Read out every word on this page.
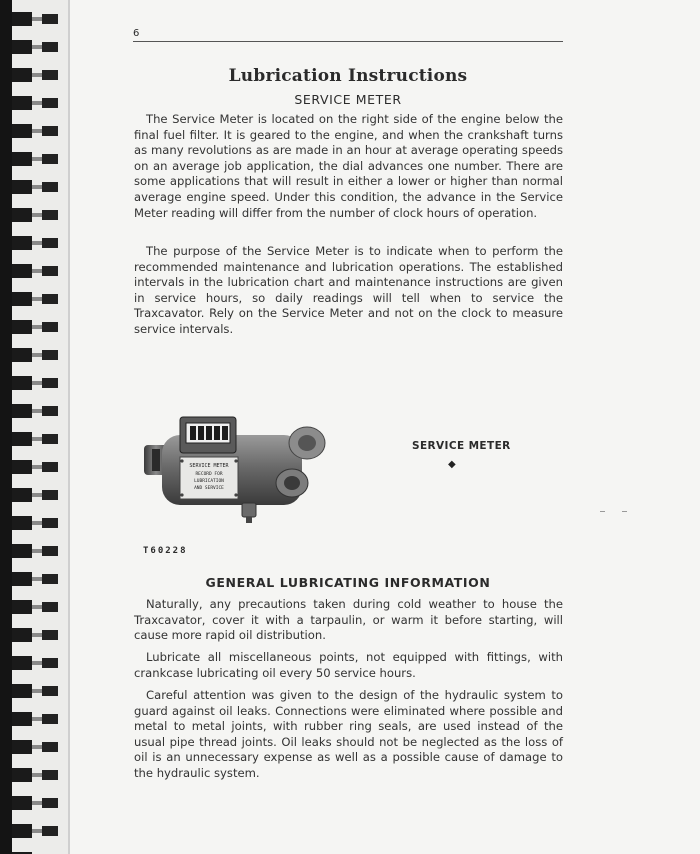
6
Lubrication Instructions
SERVICE METER

The Service Meter is located on the right side of the engine below the final fuel filter. It is geared to the engine, and when the crankshaft turns as many revolutions as are made in an hour at average operating speeds on an average job application, the dial advances one number. There are some applications that will result in either a lower or higher than normal average engine speed. Under this condition, the advance in the Service Meter reading will differ from the number of clock hours of operation.

The purpose of the Service Meter is to indicate when to perform the recommended maintenance and lubrication operations. The established intervals in the lubrication chart and maintenance instructions are given in service hours, so daily readings will tell when to service the Traxcavator. Rely on the Service Meter and not on the clock to measure service intervals.

SERVICE METER
RECORD FOR
LUBRICATION
AND SERVICE
SERVICE METER
◆
T60228
GENERAL LUBRICATING INFORMATION

Naturally, any precautions taken during cold weather to house the Traxcavator, cover it with a tarpaulin, or warm it before starting, will cause more rapid oil distribution.

Lubricate all miscellaneous points, not equipped with fittings, with crankcase lubricating oil every 50 service hours.

Careful attention was given to the design of the hydraulic system to guard against oil leaks. Connections were eliminated where possible and metal to metal joints, with rubber ring seals, are used instead of the usual pipe thread joints. Oil leaks should not be neglected as the loss of oil is an unnecessary expense as well as a possible cause of damage to the hydraulic system.
